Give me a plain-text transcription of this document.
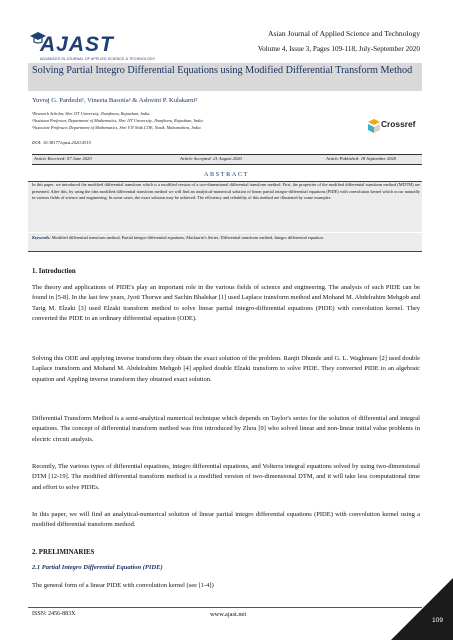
AJAST
ADVANCES IN JOURNAL OF APPLIED SCIENCE & TECHNOLOGY
Asian Journal of Applied Science and Technology
Volume 4, Issue 3, Pages 109-118, July-September 2020
Solving Partial Integro Differential Equations using Modified Differential Transform Method
Yuvraj G. Pardeshi¹, Vineeta Basotia² & Ashwini P. Kulakarni³
¹Research Scholar, Shri JJT University, Jhunjhunu, Rajasthan, India.
²Assistant Professor, Department of Mathematics, Shri JJT University, Jhunjhunu, Rajasthan, India.
³Associate Professor, Department of Mathematics, Shri V.N Naik COE, Nasik, Maharashtra, India.
DOI: 10.38177/ajast.2020.4315
Crossref
Article Received: 07 June 2020	Article Accepted: 21 August 2020	Article Published: 18 September 2020
ABSTRACT
In this paper, we introduced the modified differential transform which is a modified version of a two-dimensional differential transform method. First, the properties of the modified differential transform method (MDTM) are presented. After this, by using the idea modified differential transform method we will find an analytical-numerical solution of linear partial integro-differential equations (PIDE) with convolution kernel which occur naturally in various fields of science and engineering. In some cases, the exact solution may be achieved. The efficiency and reliability of this method are illustrated by some examples.
Keywords: Modified differential transform method, Partial integro-differential equations, Maclaurin’s Series, Differential transform method, Integro differential equation.
1. Introduction
The theory and applications of PIDE's play an important role in the various fields of science and engineering. The analysis of such PIDE can be found in [5-8]. In the last few years, Jyoti Thorwe and Sachin Bhalekar [1] used Laplace transform method and Mohand M. Abdelrahim Mehgob and Tarig M. Elzaki [3] used Elzaki transform method to solve linear partial integro-differential equations (PIDE) with convolution kernel. They converted the PIDE to an ordinary differential equation (ODE).
Solving this ODE and applying inverse transform they obtain the exact solution of the problem. Ranjit Dhunde and G. L. Waghmare [2] used double Laplace transform and Mohand M. Abdelrahim Mehgob [4] applied double Elzaki transform to solve PIDE. They converted PIDE to an algebraic equation and Appling inverse transform they obtained exact solution.
Differential Transform Method is a semi-analytical numerical technique which depends on Taylor's series for the solution of differential and integral equations. The concept of differential transform method was first introduced by Zhou [9] who solved linear and non-linear initial value problems in electric circuit analysis.
Recently, The various types of differential equations, integro differential equations, and Volterra integral equations solved by using two-dimensional DTM [12-19]. The modified differential transform method is a modified version of two-dimensional DTM, and it will take less computational time and effort to solve PIDEs.
In this paper, we will find an analytical-numerical solution of linear partial integro differential equations (PIDE) with convolution kernel using a modified differential transform method.
2. PRELIMINARIES
2.1 Partial Integro Differential Equation (PIDE)
The general form of a linear PIDE with convolution kernel (see [1-4])
ISSN: 2456-883X	www.ajast.net
109
